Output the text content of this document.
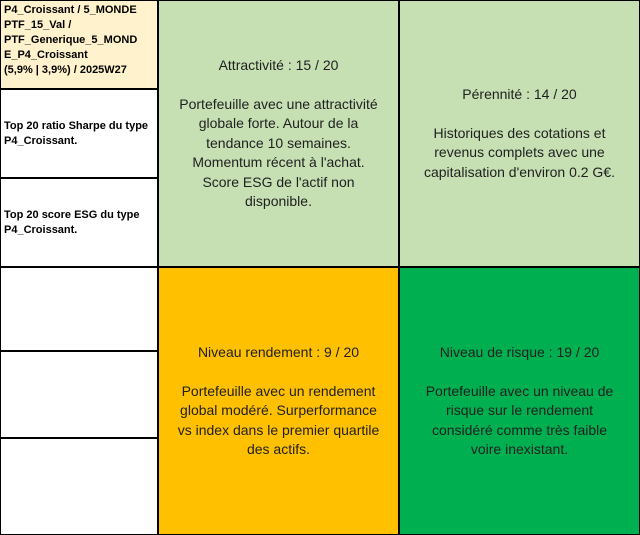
P4_Croissant / 5_MONDE
PTF_15_Val /
PTF_Generique_5_MOND
E_P4_Croissant
(5,9% | 3,9%) / 2025W27
Top 20 ratio Sharpe du type P4_Croissant.
Top 20 score ESG du type P4_Croissant.
Attractivité : 15 / 20
Portefeuille avec une attractivité
globale forte. Autour de la
tendance 10 semaines.
Momentum récent à l'achat.
Score ESG de l'actif non
disponible.
Pérennité : 14 / 20
Historiques des cotations et
revenus complets avec une
capitalisation d'environ 0.2 G€.
Niveau rendement : 9 / 20
Portefeuille avec un rendement
global modéré. Surperformance
vs index dans le premier quartile
des actifs.
Niveau de risque : 19 / 20
Portefeuille avec un niveau de
risque sur le rendement
considéré comme très faible
voire inexistant.
